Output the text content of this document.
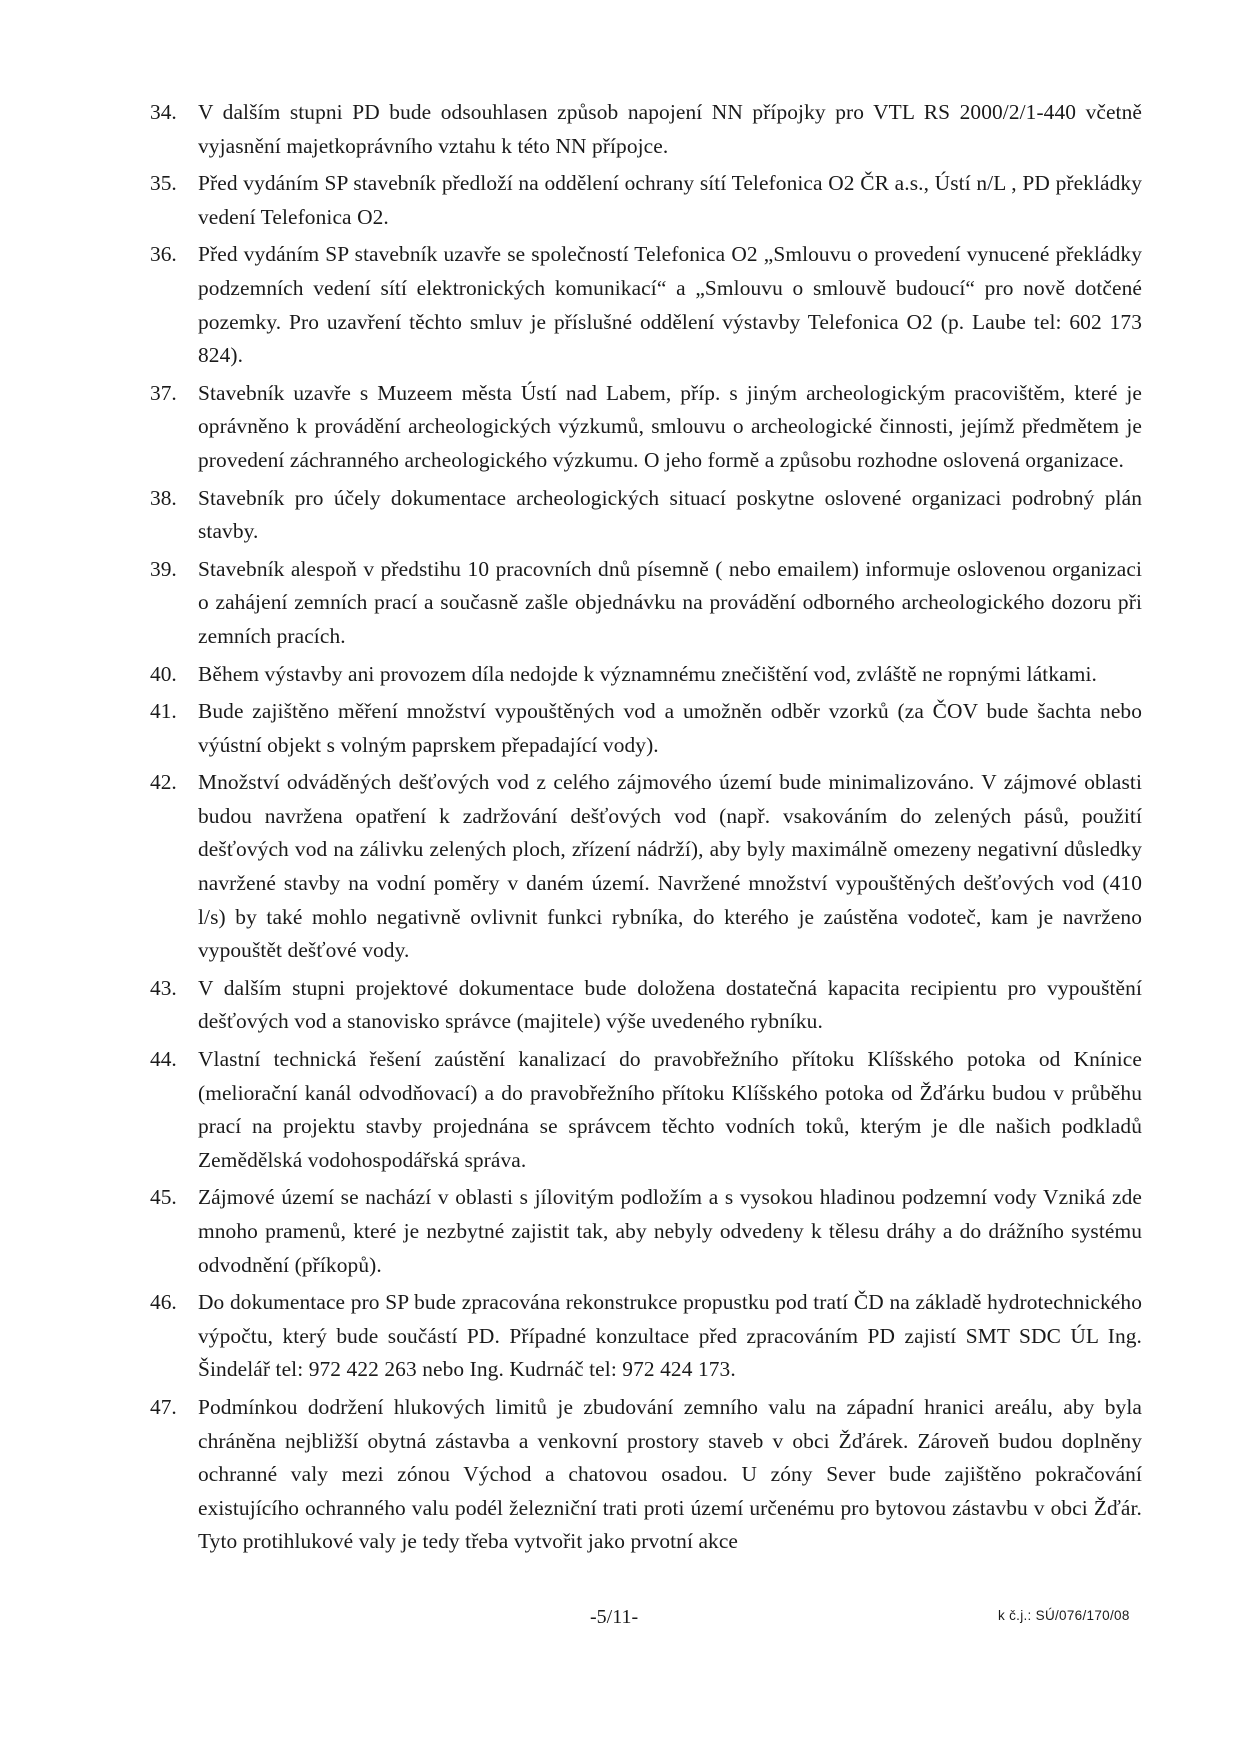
34. V dalším stupni PD bude odsouhlasen způsob napojení NN přípojky pro VTL RS 2000/2/1-440 včetně vyjasnění majetkoprávního vztahu k této NN přípojce.
35. Před vydáním SP stavebník předloží na oddělení ochrany sítí Telefonica O2 ČR a.s., Ústí n/L , PD překládky vedení Telefonica O2.
36. Před vydáním SP stavebník uzavře se společností Telefonica O2 „Smlouvu o provedení vynucené překládky podzemních vedení sítí elektronických komunikací“ a „Smlouvu o smlouvě budoucí“ pro nově dotčené pozemky. Pro uzavření těchto smluv je příslušné oddělení výstavby Telefonica O2 (p. Laube tel: 602 173 824).
37. Stavebník uzavře s Muzeem města Ústí nad Labem, příp. s jiným archeologickým pracovištěm, které je oprávněno k provádění archeologických výzkumů, smlouvu o archeologické činnosti, jejímž předmětem je provedení záchranného archeologického výzkumu. O jeho formě a způsobu rozhodne oslovená organizace.
38. Stavebník pro účely dokumentace archeologických situací poskytne oslovené organizaci podrobný plán stavby.
39. Stavebník alespoň v předstihu 10 pracovních dnů písemně ( nebo emailem) informuje oslovenou organizaci o zahájení zemních prací a současně zašle objednávku na provádění odborného archeologického dozoru při zemních pracích.
40. Během výstavby ani provozem díla nedojde k významnému znečištění vod, zvláště ne ropnými látkami.
41. Bude zajištěno měření množství vypouštěných vod a umožněn odběr vzorků (za ČOV bude šachta nebo výústní objekt s volným paprskem přepadající vody).
42. Množství odváděných dešťových vod z celého zájmového území bude minimalizováno. V zájmové oblasti budou navržena opatření k zadržování dešťových vod (např. vsakováním do zelených pásů, použití dešťových vod na zálivku zelených ploch, zřízení nádrží), aby byly maximálně omezeny negativní důsledky navržené stavby na vodní poměry v daném území. Navržené množství vypouštěných dešťových vod (410 l/s) by také mohlo negativně ovlivnit funkci rybníka, do kterého je zaústěna vodoteč, kam je navrženo vypouštět dešťové vody.
43. V dalším stupni projektové dokumentace bude doložena dostatečná kapacita recipientu pro vypouštění dešťových vod a stanovisko správce (majitele) výše uvedeného rybníku.
44. Vlastní technická řešení zaústění kanalizací do pravobřežního přítoku Klíšského potoka od Knínice (meliorační kanál odvodňovací) a do pravobřežního přítoku Klíšského potoka od Žďárku budou v průběhu prací na projektu stavby projednána se správcem těchto vodních toků, kterým je dle našich podkladů Zemědělská vodohospodářská správa.
45. Zájmové území se nachází v oblasti s jílovitým podložím a s vysokou hladinou podzemní vody Vzniká zde mnoho pramenů, které je nezbytné zajistit tak, aby nebyly odvedeny k tělesu dráhy a do drážního systému odvodnění (příkopů).
46. Do dokumentace pro SP bude zpracována rekonstrukce propustku pod tratí ČD na základě hydrotechnického výpočtu, který bude součástí PD. Případné konzultace před zpracováním PD zajistí SMT SDC ÚL Ing. Šindelář tel: 972 422 263 nebo Ing. Kudrnáč tel: 972 424 173.
47. Podmínkou dodržení hlukových limitů je zbudování zemního valu na západní hranici areálu, aby byla chráněna nejbližší obytná zástavba a venkovní prostory staveb v obci Žďárek. Zároveň budou doplněny ochranné valy mezi zónou Východ a chatovou osadou. U zóny Sever bude zajištěno pokračování existujícího ochranného valu podél železniční trati proti území určenému pro bytovou zástavbu v obci Žďár. Tyto protihlukové valy je tedy třeba vytvořit jako prvotní akce
-5/11-	k č.j.: SÚ/076/170/08
